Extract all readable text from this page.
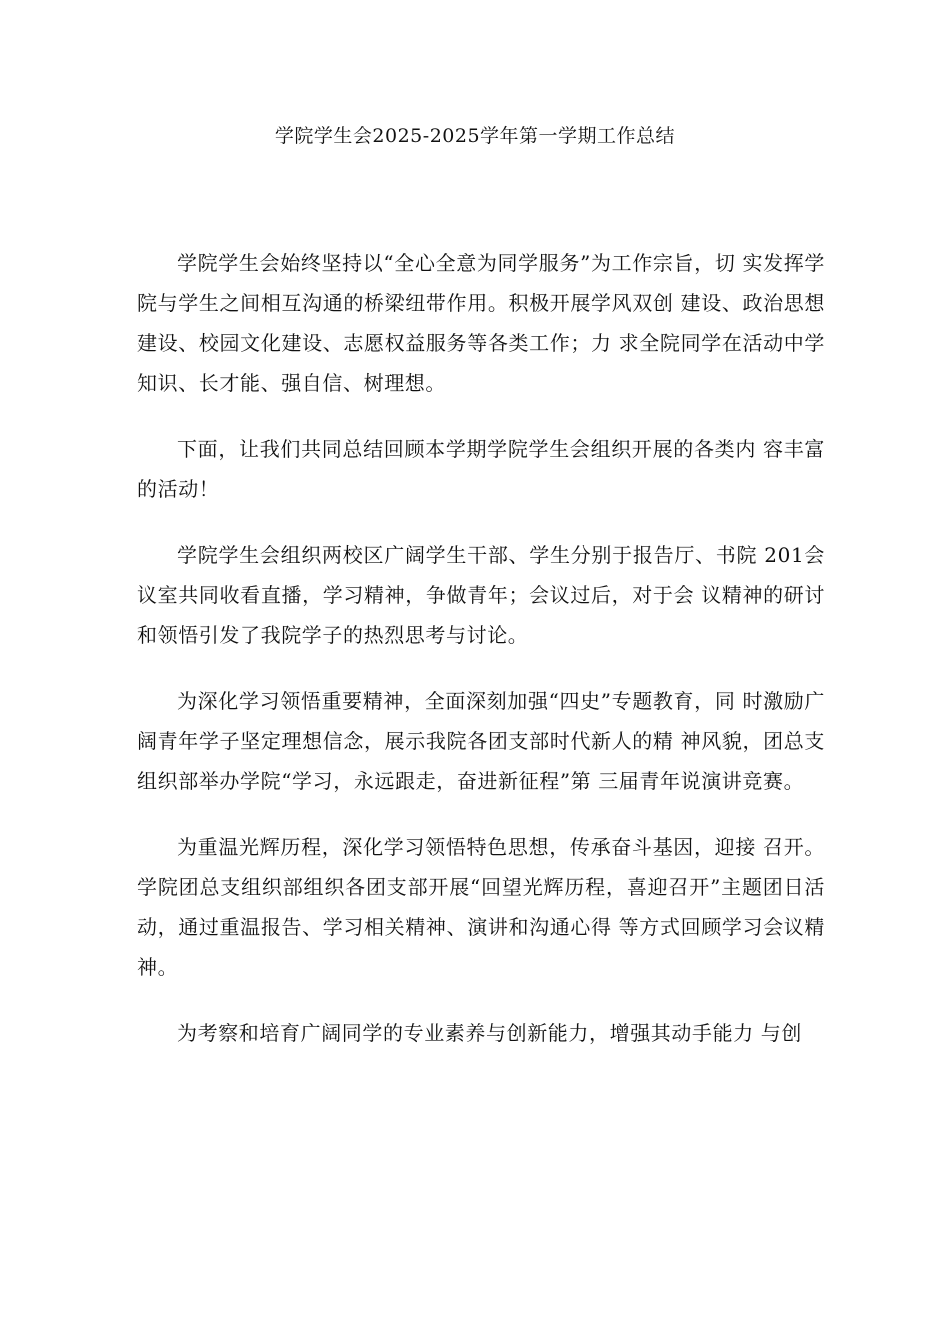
学院学生会2025-2025学年第一学期工作总结

学院学生会始终坚持以“全心全意为同学服务”为工作宗旨，切 实发挥学院与学生之间相互沟通的桥梁纽带作用。积极开展学风双创 建设、政治思想建设、校园文化建设、志愿权益服务等各类工作；力 求全院同学在活动中学知识、长才能、强自信、树理想。

下面，让我们共同总结回顾本学期学院学生会组织开展的各类内 容丰富的活动！

学院学生会组织两校区广阔学生干部、学生分别于报告厅、书院 201会议室共同收看直播，学习精神，争做青年；会议过后，对于会 议精神的研讨和领悟引发了我院学子的热烈思考与讨论。

为深化学习领悟重要精神，全面深刻加强“四史”专题教育，同 时激励广阔青年学子坚定理想信念，展示我院各团支部时代新人的精 神风貌，团总支组织部举办学院“学习，永远跟走，奋进新征程”第 三届青年说演讲竞赛。

为重温光辉历程，深化学习领悟特色思想，传承奋斗基因，迎接 召开。学院团总支组织部组织各团支部开展“回望光辉历程，喜迎召开”主题团日活动，通过重温报告、学习相关精神、演讲和沟通心得 等方式回顾学习会议精神。

为考察和培育广阔同学的专业素养与创新能力，增强其动手能力 与创
